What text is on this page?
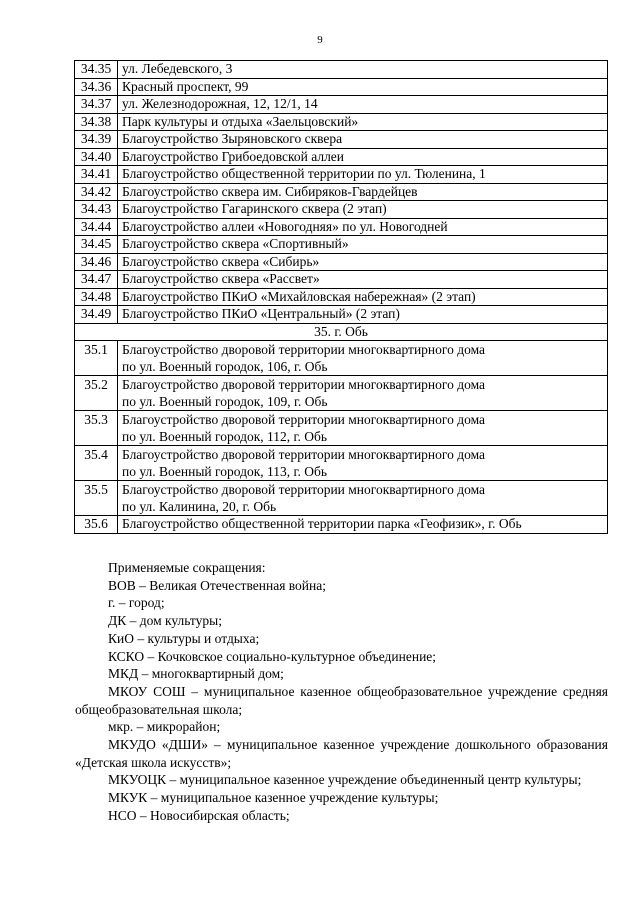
9
34.35	ул. Лебедевского, 3
34.36	Красный проспект, 99
34.37	ул. Железнодорожная, 12, 12/1, 14
34.38	Парк культуры и отдыха «Заельцовский»
34.39	Благоустройство Зыряновского сквера
34.40	Благоустройство Грибоедовской аллеи
34.41	Благоустройство общественной территории по ул. Тюленина, 1
34.42	Благоустройство сквера им. Сибиряков-Гвардейцев
34.43	Благоустройство Гагаринского сквера (2 этап)
34.44	Благоустройство аллеи «Новогодняя» по ул. Новогодней
34.45	Благоустройство сквера «Спортивный»
34.46	Благоустройство сквера «Сибирь»
34.47	Благоустройство сквера «Рассвет»
34.48	Благоустройство ПКиО «Михайловская набережная» (2 этап)
34.49	Благоустройство ПКиО «Центральный» (2 этап)
35. г. Обь	
35.1	Благоустройство дворовой территории многоквартирного дома
по ул. Военный городок, 106, г. Обь

35.2	Благоустройство дворовой территории многоквартирного дома
по ул. Военный городок, 109, г. Обь

35.3	Благоустройство дворовой территории многоквартирного дома
по ул. Военный городок, 112, г. Обь

35.4	Благоустройство дворовой территории многоквартирного дома
по ул. Военный городок, 113, г. Обь

35.5	Благоустройство дворовой территории многоквартирного дома
по ул. Калинина, 20, г. Обь

35.6	Благоустройство общественной территории парка «Геофизик», г. Обь

Применяемые сокращения:

ВОВ – Великая Отечественная война;

г. – город;

ДК – дом культуры;

КиО – культуры и отдыха;

КСКО – Кочковское социально-культурное объединение;

МКД – многоквартирный дом;

МКОУ СОШ – муниципальное казенное общеобразовательное учреждение средняя общеобразовательная школа;

мкр. – микрорайон;

МКУДО «ДШИ» – муниципальное казенное учреждение дошкольного образования «Детская школа искусств»;

МКУОЦК – муниципальное казенное учреждение объединенный центр культуры;

МКУК – муниципальное казенное учреждение культуры;

НСО – Новосибирская область;
